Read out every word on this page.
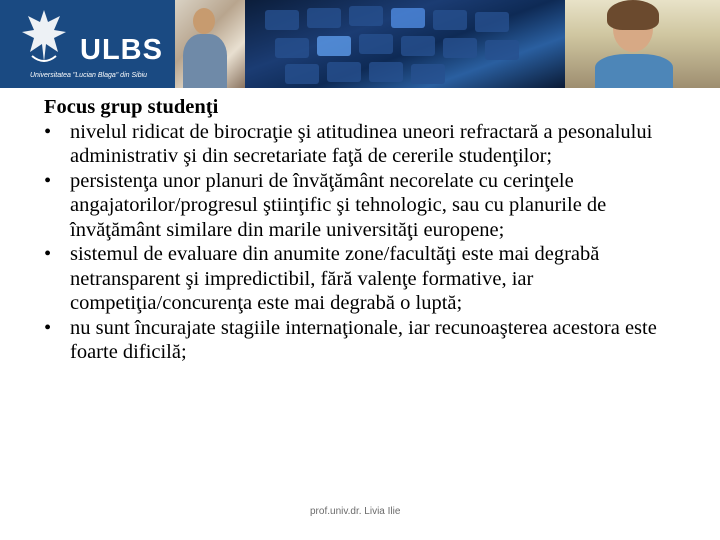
ULBS
Universitatea "Lucian Blaga" din Sibiu

Focus grup studenţi

• nivelul ridicat de birocraţie şi atitudinea uneori refractară a pesonalului administrativ şi din secretariate faţă de cererile studenţilor;
• persistenţa unor planuri de învăţământ necorelate cu cerinţele angajatorilor/progresul ştiinţific şi tehnologic, sau cu planurile de învăţământ similare din marile universităţi europene;
• sistemul de evaluare din anumite zone/facultăţi este mai degrabă netransparent şi impredictibil, fără valenţe formative, iar competiţia/concurenţa este mai degrabă o luptă;
• nu sunt încurajate stagiile internaţionale, iar recunoaşterea acestora este foarte dificilă;
prof.univ.dr. Livia Ilie
